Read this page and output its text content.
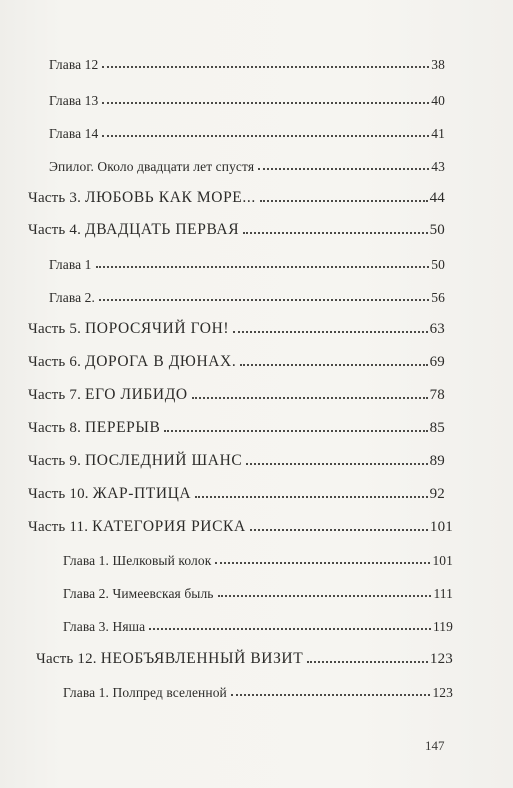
Глава 12	38
Глава 13	40
Глава 14	41
Эпилог. Около двадцати лет спустя	43
Часть 3. ЛЮБОВЬ КАК МОРЕ...	44
Часть 4. ДВАДЦАТЬ ПЕРВАЯ	50
Глава 1	50
Глава 2.	56
Часть 5. ПОРОСЯЧИЙ ГОН!	63
Часть 6. ДОРОГА В ДЮНАХ.	69
Часть 7. ЕГО ЛИБИДО	78
Часть 8. ПЕРЕРЫВ	85
Часть 9. ПОСЛЕДНИЙ ШАНС	89
Часть 10. ЖАР-ПТИЦА	92
Часть 11. КАТЕГОРИЯ РИСКА	101
Глава 1. Шелковый колок	101
Глава 2. Чимеевская быль	111
Глава 3. Няша	119
Часть 12. НЕОБЪЯВЛЕННЫЙ ВИЗИТ	123
Глава 1. Полпред вселенной	123
147
